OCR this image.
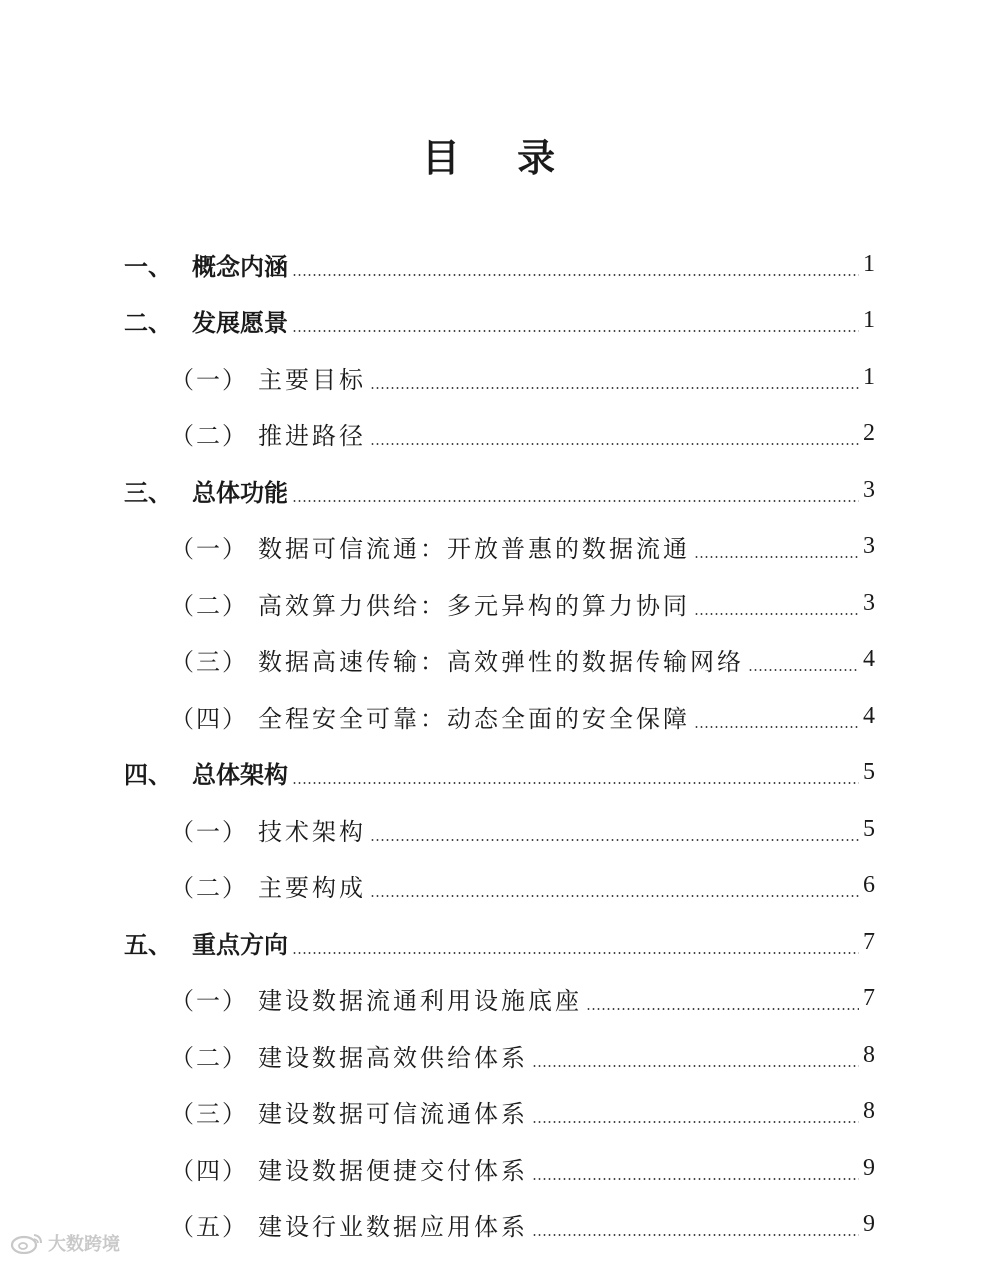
目 录
一、 概念内涵	1
二、 发展愿景	1
（一） 主要目标	1
（二） 推进路径	2
三、 总体功能	3
（一） 数据可信流通：开放普惠的数据流通	3
（二） 高效算力供给：多元异构的算力协同	3
（三） 数据高速传输：高效弹性的数据传输网络	4
（四） 全程安全可靠：动态全面的安全保障	4
四、 总体架构	5
（一） 技术架构	5
（二） 主要构成	6
五、 重点方向	7
（一） 建设数据流通利用设施底座	7
（二） 建设数据高效供给体系	8
（三） 建设数据可信流通体系	8
（四） 建设数据便捷交付体系	9
（五） 建设行业数据应用体系	9
大数跨境
